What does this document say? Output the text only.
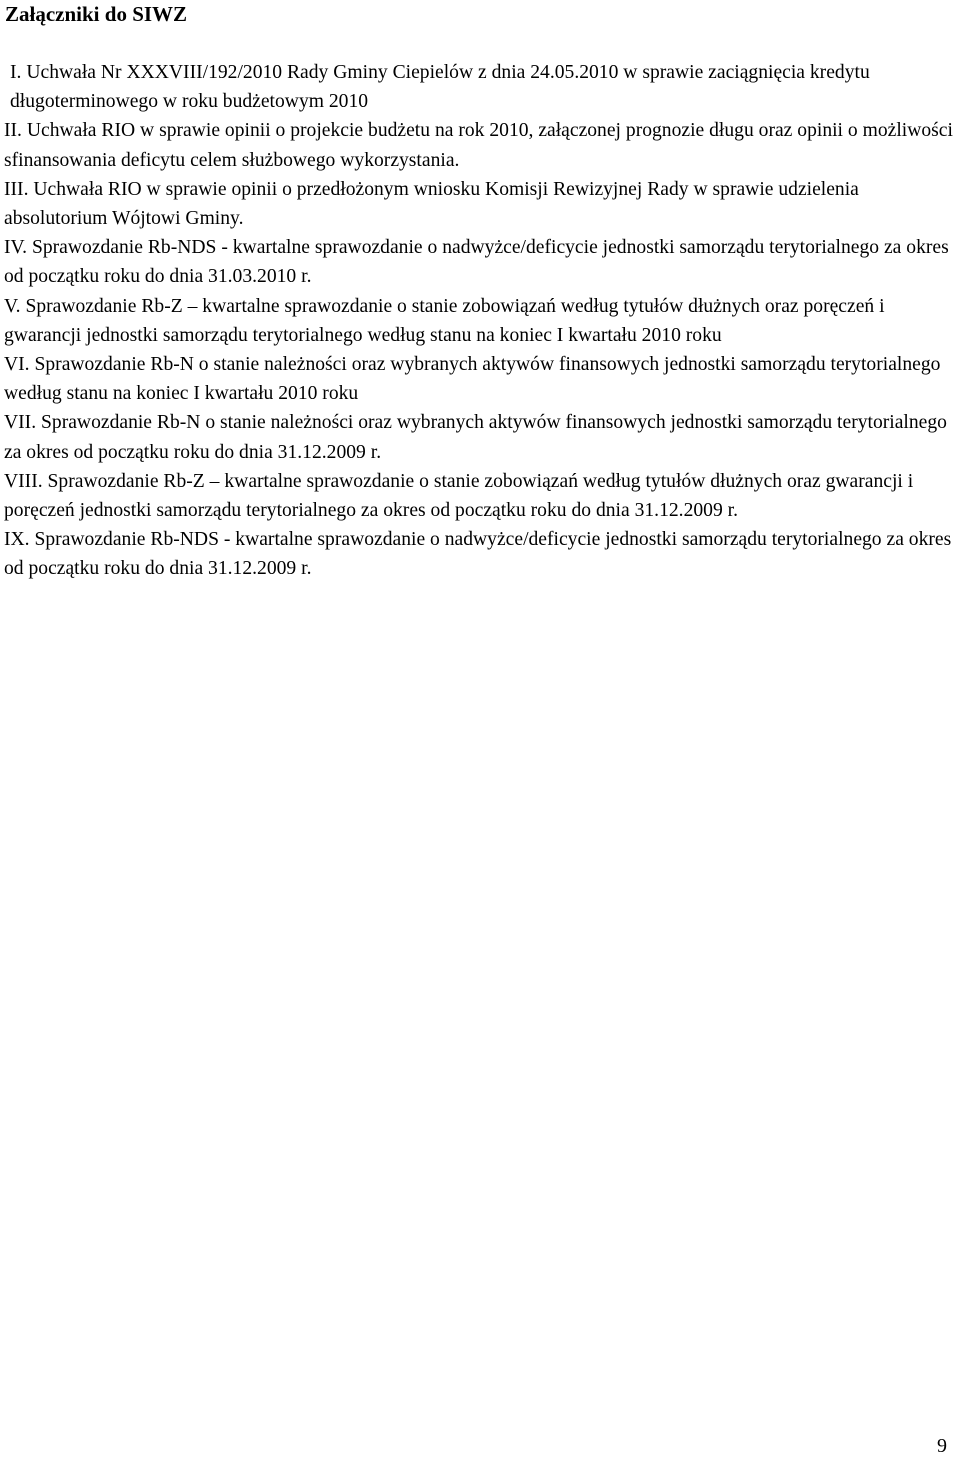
Załączniki do SIWZ
I. Uchwała Nr XXXVIII/192/2010 Rady Gminy Ciepielów z dnia 24.05.2010 w sprawie zaciągnięcia kredytu długoterminowego w roku budżetowym 2010
II. Uchwała RIO w sprawie opinii o projekcie budżetu na rok 2010, załączonej prognozie długu oraz opinii o możliwości sfinansowania deficytu celem służbowego wykorzystania.
III. Uchwała RIO w sprawie opinii o przedłożonym wniosku Komisji Rewizyjnej Rady w sprawie udzielenia absolutorium Wójtowi Gminy.
IV. Sprawozdanie Rb-NDS - kwartalne sprawozdanie o nadwyżce/deficycie jednostki samorządu terytorialnego za okres od początku roku do dnia 31.03.2010 r.
V. Sprawozdanie Rb-Z – kwartalne sprawozdanie o stanie zobowiązań według tytułów dłużnych oraz poręczeń i gwarancji jednostki samorządu terytorialnego według stanu na koniec I kwartału 2010 roku
VI. Sprawozdanie Rb-N o stanie należności oraz wybranych aktywów finansowych jednostki samorządu terytorialnego według stanu na koniec I kwartału 2010 roku
VII. Sprawozdanie Rb-N o stanie należności oraz wybranych aktywów finansowych jednostki samorządu terytorialnego za okres od początku roku do dnia 31.12.2009 r.
VIII. Sprawozdanie Rb-Z – kwartalne sprawozdanie o stanie zobowiązań według tytułów dłużnych oraz gwarancji i poręczeń jednostki samorządu terytorialnego za okres od początku roku do dnia 31.12.2009 r.
IX. Sprawozdanie Rb-NDS - kwartalne sprawozdanie o nadwyżce/deficycie jednostki samorządu terytorialnego za okres od początku roku do dnia 31.12.2009 r.
9
